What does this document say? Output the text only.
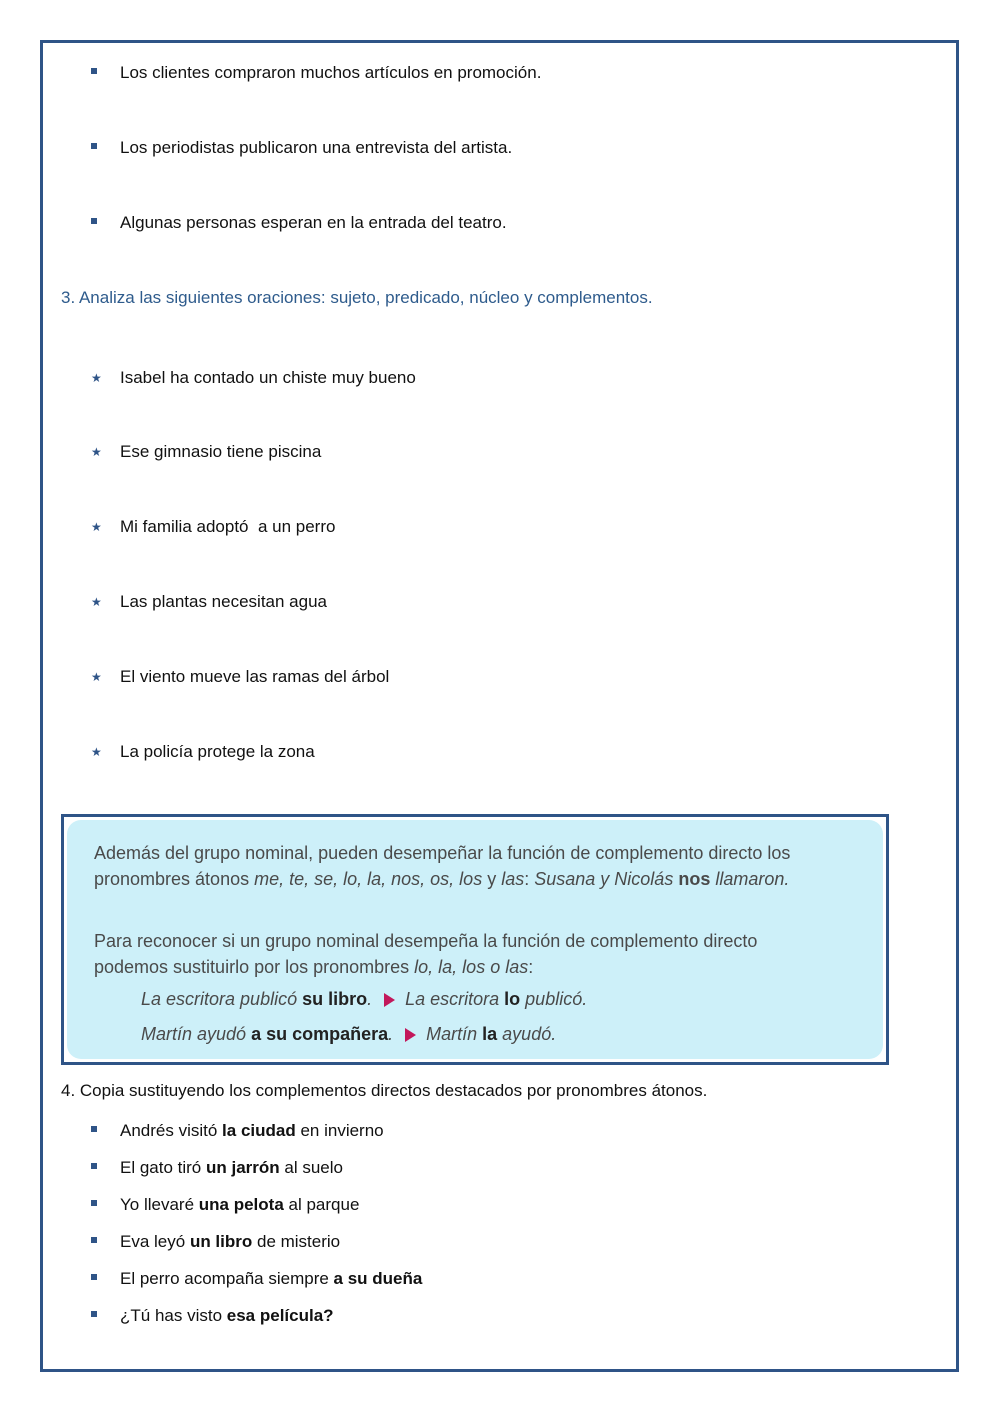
Los clientes compraron muchos artículos en promoción.
Los periodistas publicaron una entrevista del artista.
Algunas personas esperan en la entrada del teatro.
3. Analiza las siguientes oraciones: sujeto, predicado, núcleo y complementos.
★ Isabel ha contado un chiste muy bueno
★ Ese gimnasio tiene piscina
★ Mi familia adoptó  a un perro
★ Las plantas necesitan agua
★ El viento mueve las ramas del árbol
★ La policía protege la zona
Además del grupo nominal, pueden desempeñar la función de complemento directo los pronombres átonos me, te, se, lo, la, nos, os, los y las: Susana y Nicolás nos llamaron.
Para reconocer si un grupo nominal desempeña la función de complemento directo podemos sustituirlo por los pronombres lo, la, los o las:
La escritora publicó su libro. La escritora lo publicó.
Martín ayudó a su compañera. Martín la ayudó.
4. Copia sustituyendo los complementos directos destacados por pronombres átonos.
Andrés visitó la ciudad en invierno
El gato tiró un jarrón al suelo
Yo llevaré una pelota al parque
Eva leyó un libro de misterio
El perro acompaña siempre a su dueña
¿Tú has visto esa película?
